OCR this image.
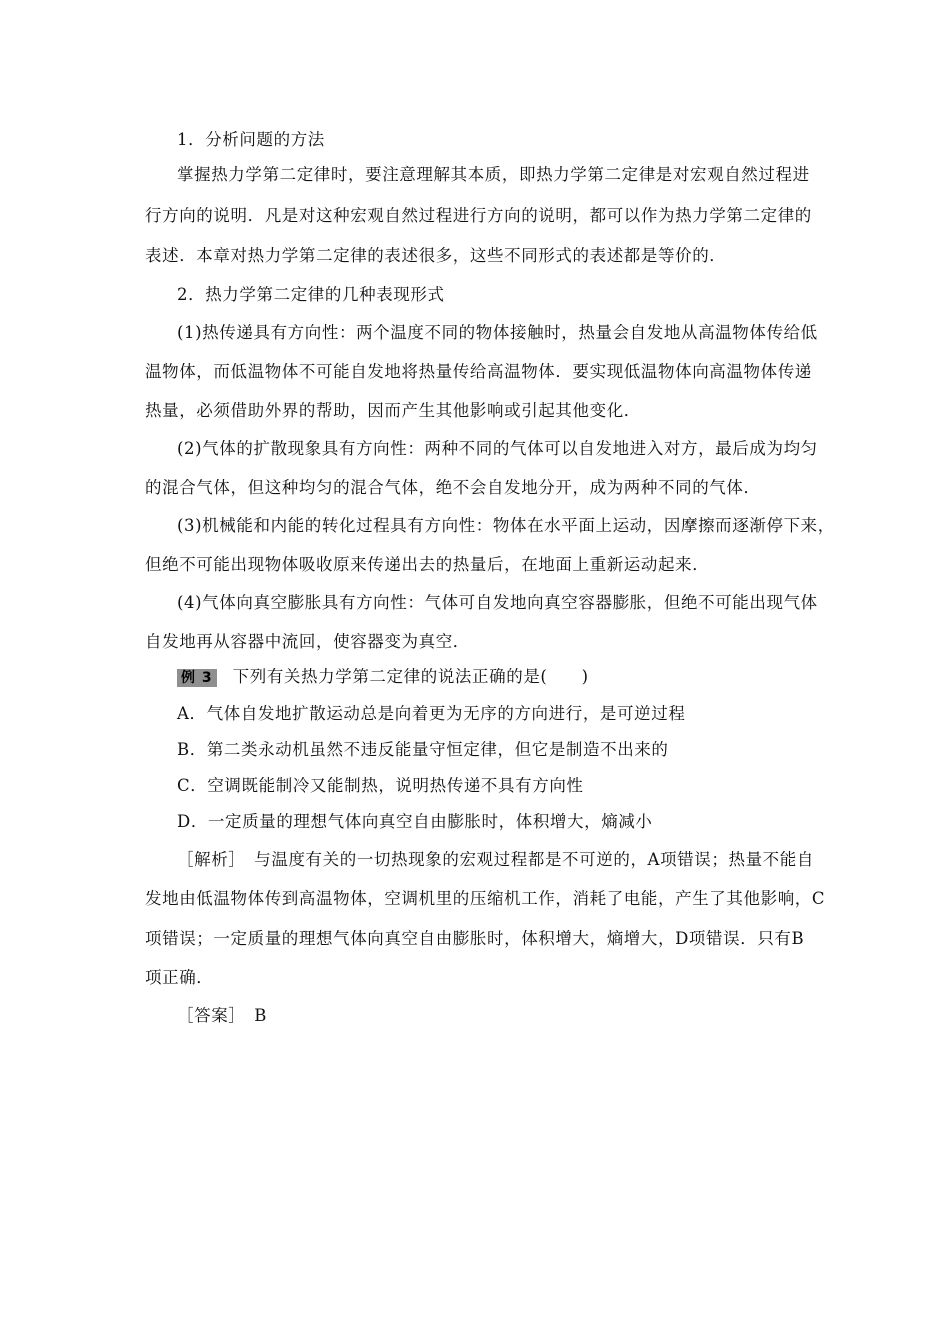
1．分析问题的方法
掌握热力学第二定律时，要注意理解其本质，即热力学第二定律是对宏观自然过程进
行方向的说明．凡是对这种宏观自然过程进行方向的说明，都可以作为热力学第二定律的
表述．本章对热力学第二定律的表述很多，这些不同形式的表述都是等价的．
2．热力学第二定律的几种表现形式
(1)热传递具有方向性：两个温度不同的物体接触时，热量会自发地从高温物体传给低
温物体，而低温物体不可能自发地将热量传给高温物体．要实现低温物体向高温物体传递
热量，必须借助外界的帮助，因而产生其他影响或引起其他变化．
(2)气体的扩散现象具有方向性：两种不同的气体可以自发地进入对方，最后成为均匀
的混合气体，但这种均匀的混合气体，绝不会自发地分开，成为两种不同的气体．
(3)机械能和内能的转化过程具有方向性：物体在水平面上运动，因摩擦而逐渐停下来，
但绝不可能出现物体吸收原来传递出去的热量后，在地面上重新运动起来．
(4)气体向真空膨胀具有方向性：气体可自发地向真空容器膨胀，但绝不可能出现气体
自发地再从容器中流回，使容器变为真空．
例 3 下列有关热力学第二定律的说法正确的是(　　)
A．气体自发地扩散运动总是向着更为无序的方向进行，是可逆过程
B．第二类永动机虽然不违反能量守恒定律，但它是制造不出来的
C．空调既能制冷又能制热，说明热传递不具有方向性
D．一定质量的理想气体向真空自由膨胀时，体积增大，熵减小
［解析］　与温度有关的一切热现象的宏观过程都是不可逆的，A项错误；热量不能自
发地由低温物体传到高温物体，空调机里的压缩机工作，消耗了电能，产生了其他影响，C
项错误；一定质量的理想气体向真空自由膨胀时，体积增大，熵增大，D项错误．只有B
项正确．
［答案］　B
